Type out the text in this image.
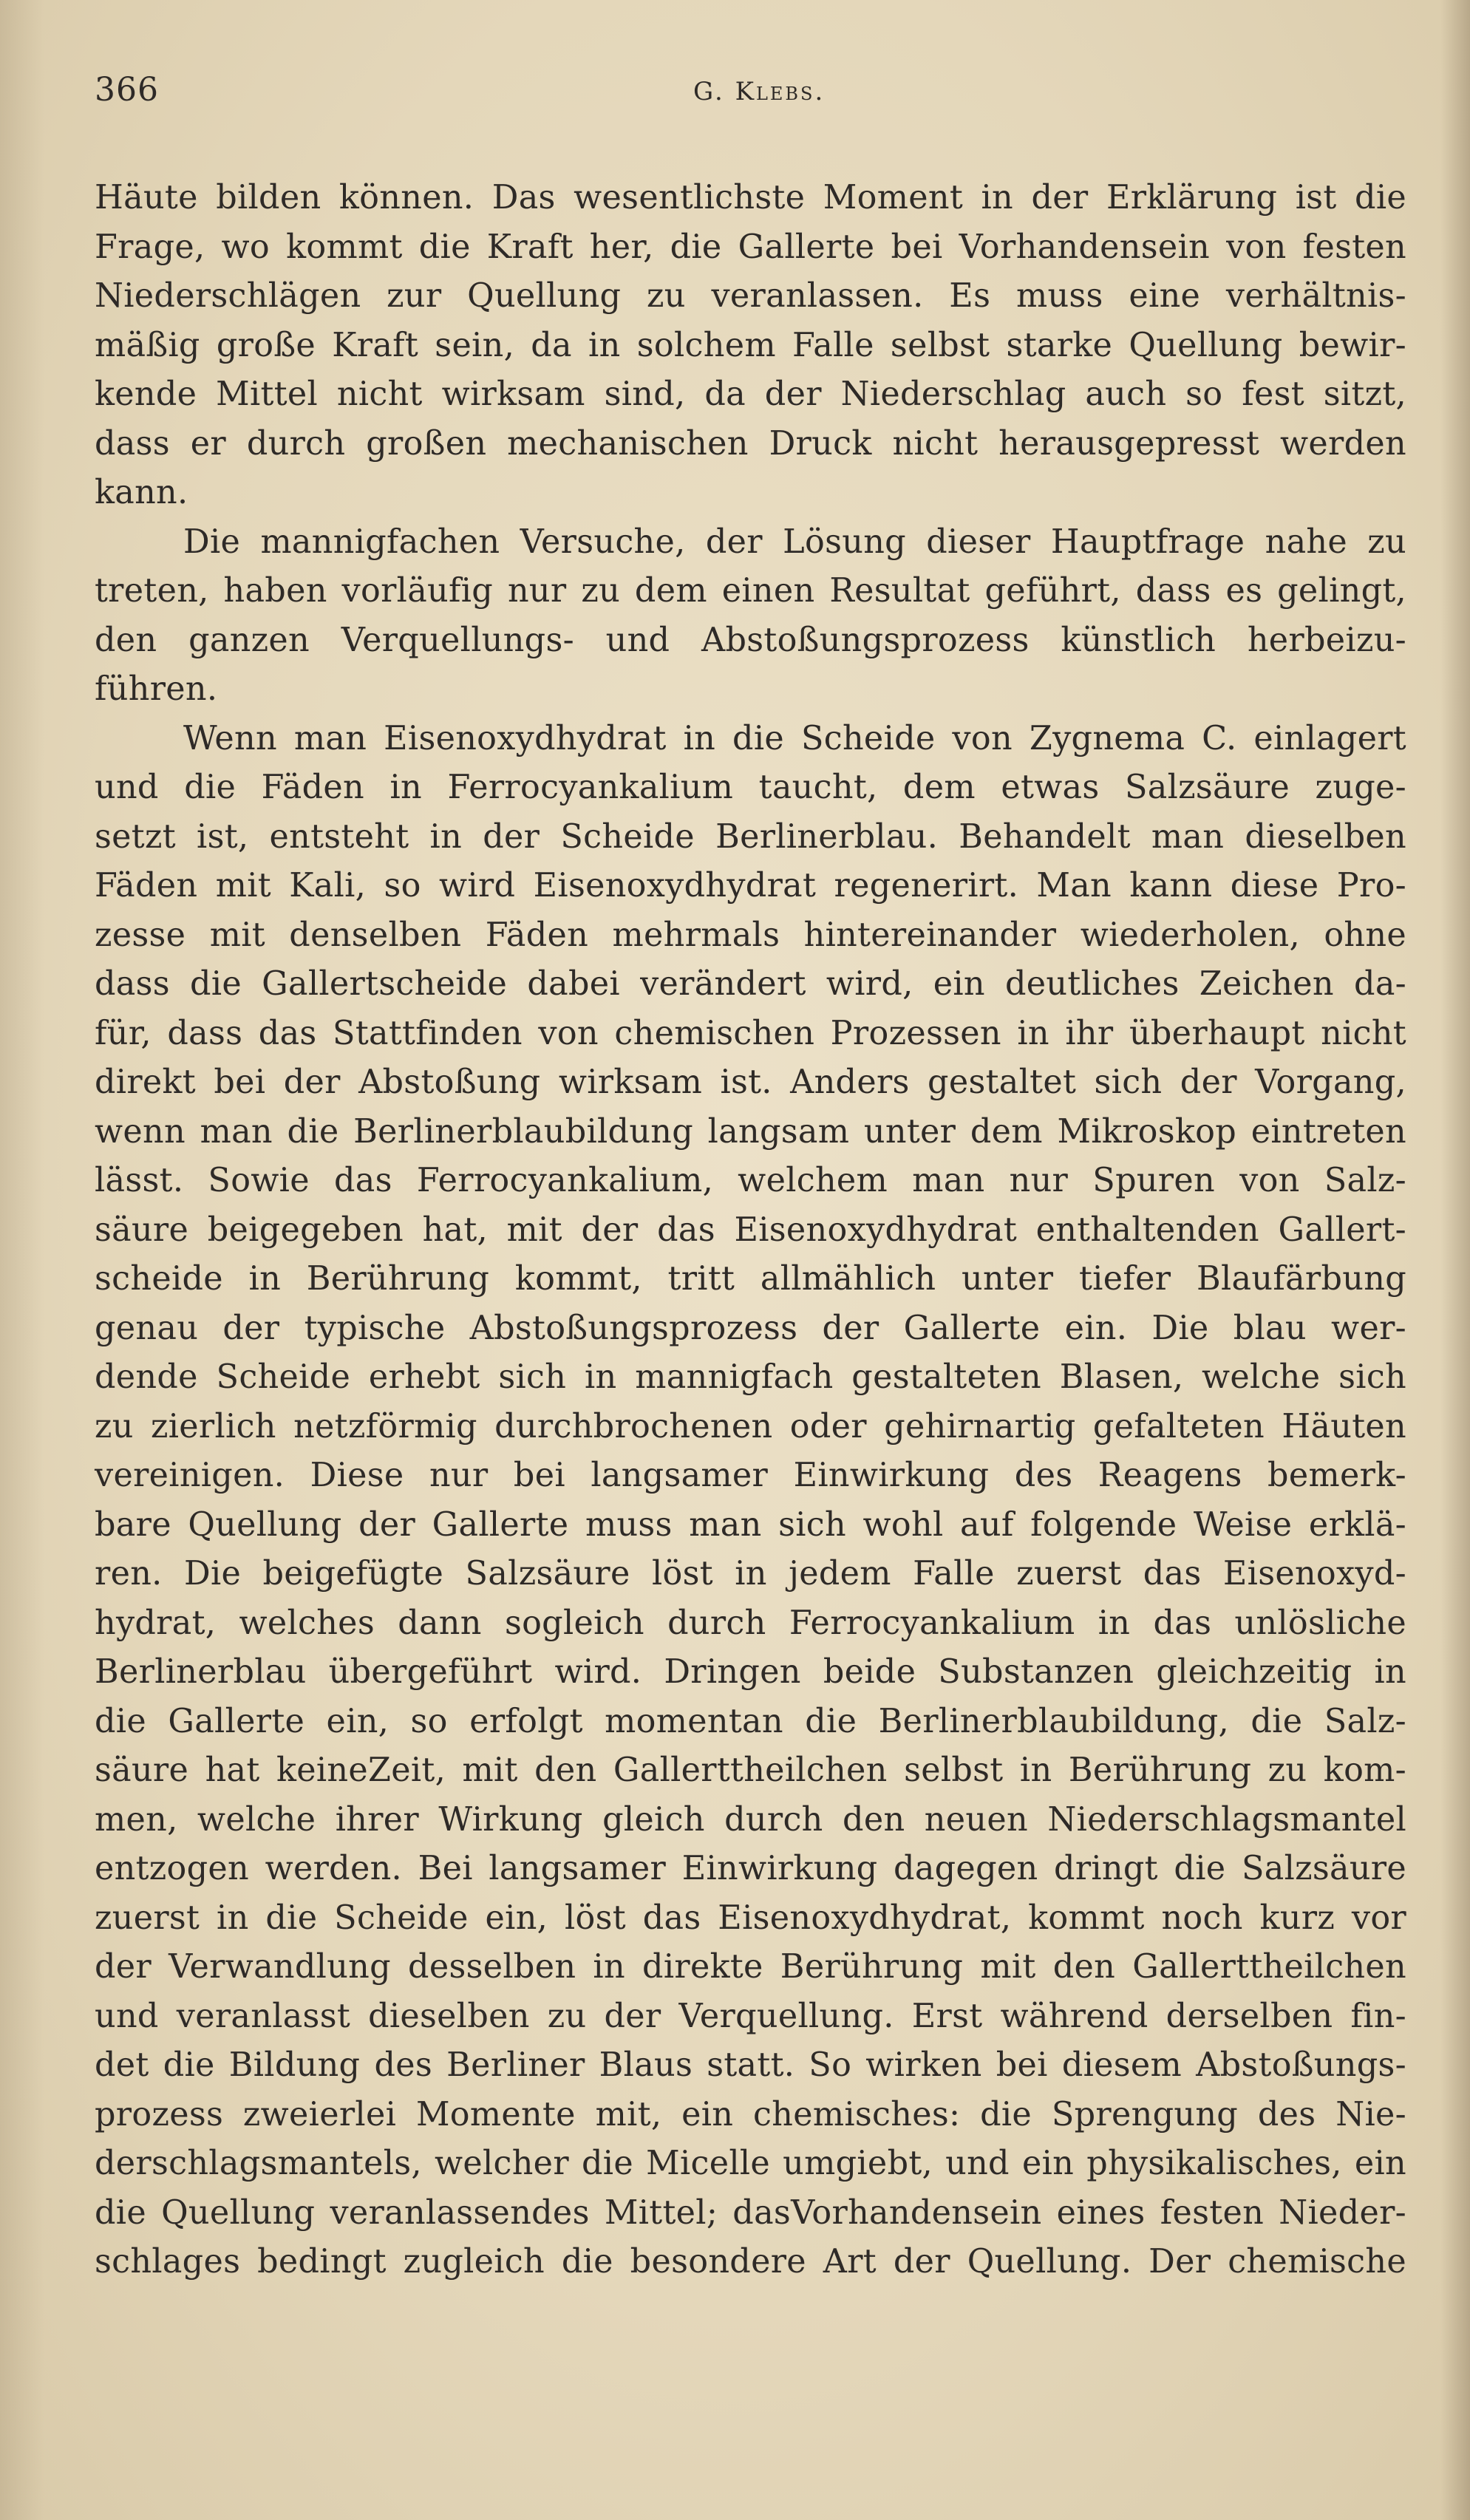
366	G. Klebs.
Häute bilden können. Das wesentlichste Moment in der Erklärung ist die
Frage, wo kommt die Kraft her, die Gallerte bei Vorhandensein von festen
Niederschlägen zur Quellung zu veranlassen. Es muss eine verhältnis-
mäßig große Kraft sein, da in solchem Falle selbst starke Quellung bewir-
kende Mittel nicht wirksam sind, da der Niederschlag auch so fest sitzt,
dass er durch großen mechanischen Druck nicht herausgepresst werden
kann.
Die mannigfachen Versuche, der Lösung dieser Hauptfrage nahe zu
treten, haben vorläufig nur zu dem einen Resultat geführt, dass es gelingt,
den ganzen Verquellungs- und Abstoßungsprozess künstlich herbeizu-
führen.
Wenn man Eisenoxydhydrat in die Scheide von Zygnema C. einlagert
und die Fäden in Ferrocyankalium taucht, dem etwas Salzsäure zuge-
setzt ist, entsteht in der Scheide Berlinerblau. Behandelt man dieselben
Fäden mit Kali, so wird Eisenoxydhydrat regenerirt. Man kann diese Pro-
zesse mit denselben Fäden mehrmals hintereinander wiederholen, ohne
dass die Gallertscheide dabei verändert wird, ein deutliches Zeichen da-
für, dass das Stattfinden von chemischen Prozessen in ihr überhaupt nicht
direkt bei der Abstoßung wirksam ist. Anders gestaltet sich der Vorgang,
wenn man die Berlinerblaubildung langsam unter dem Mikroskop eintreten
lässt. Sowie das Ferrocyankalium, welchem man nur Spuren von Salz-
säure beigegeben hat, mit der das Eisenoxydhydrat enthaltenden Gallert-
scheide in Berührung kommt, tritt allmählich unter tiefer Blaufärbung
genau der typische Abstoßungsprozess der Gallerte ein. Die blau wer-
dende Scheide erhebt sich in mannigfach gestalteten Blasen, welche sich
zu zierlich netzförmig durchbrochenen oder gehirnartig gefalteten Häuten
vereinigen. Diese nur bei langsamer Einwirkung des Reagens bemerk-
bare Quellung der Gallerte muss man sich wohl auf folgende Weise erklä-
ren. Die beigefügte Salzsäure löst in jedem Falle zuerst das Eisenoxyd-
hydrat, welches dann sogleich durch Ferrocyankalium in das unlösliche
Berlinerblau übergeführt wird. Dringen beide Substanzen gleichzeitig in
die Gallerte ein, so erfolgt momentan die Berlinerblaubildung, die Salz-
säure hat keineZeit, mit den Gallerttheilchen selbst in Berührung zu kom-
men, welche ihrer Wirkung gleich durch den neuen Niederschlagsmantel
entzogen werden. Bei langsamer Einwirkung dagegen dringt die Salzsäure
zuerst in die Scheide ein, löst das Eisenoxydhydrat, kommt noch kurz vor
der Verwandlung desselben in direkte Berührung mit den Gallerttheilchen
und veranlasst dieselben zu der Verquellung. Erst während derselben fin-
det die Bildung des Berliner Blaus statt. So wirken bei diesem Abstoßungs-
prozess zweierlei Momente mit, ein chemisches: die Sprengung des Nie-
derschlagsmantels, welcher die Micelle umgiebt, und ein physikalisches, ein
die Quellung veranlassendes Mittel; dasVorhandensein eines festen Nieder-
schlages bedingt zugleich die besondere Art der Quellung. Der chemische
